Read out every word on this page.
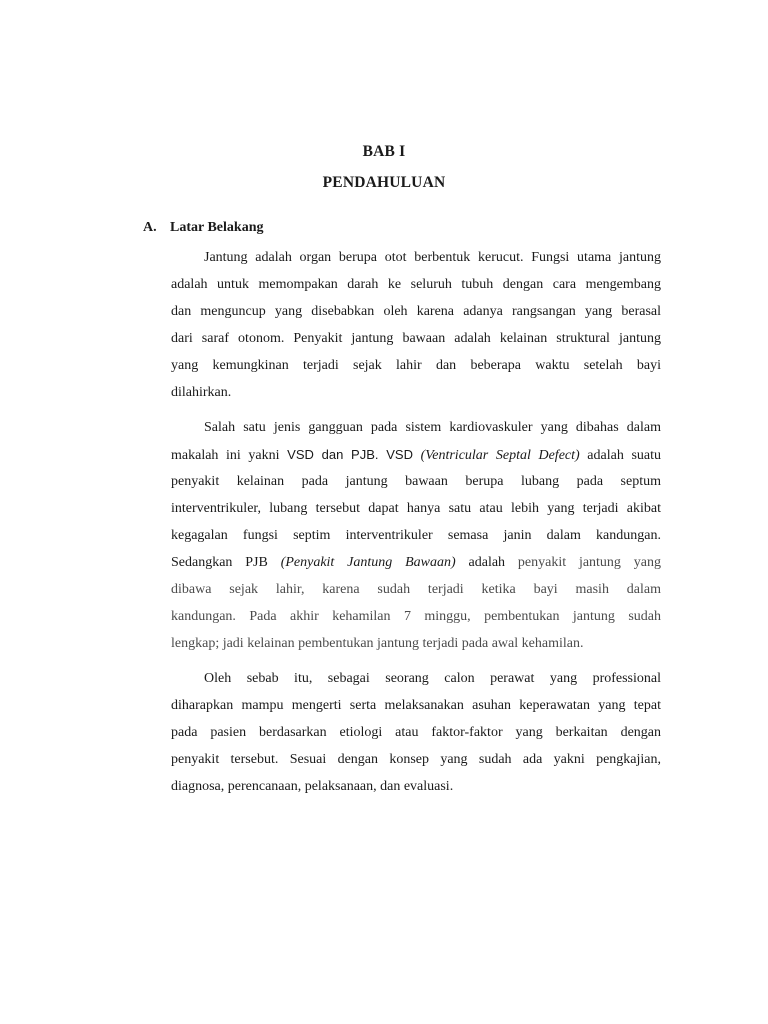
BAB I
PENDAHULUAN
A. Latar Belakang
Jantung adalah organ berupa otot berbentuk kerucut. Fungsi utama jantung
adalah untuk memompakan darah ke seluruh tubuh dengan cara mengembang
dan menguncup yang disebabkan oleh karena adanya rangsangan yang berasal
dari saraf otonom. Penyakit jantung bawaan adalah kelainan struktural jantung
yang kemungkinan terjadi sejak lahir dan beberapa waktu setelah bayi
dilahirkan.
Salah satu jenis gangguan pada sistem kardiovaskuler yang dibahas dalam
makalah ini yakni VSD dan PJB. VSD (Ventricular Septal Defect) adalah suatu
penyakit kelainan pada jantung bawaan berupa lubang pada septum
interventrikuler, lubang tersebut dapat hanya satu atau lebih yang terjadi akibat
kegagalan fungsi septim interventrikuler semasa janin dalam kandungan.
Sedangkan PJB (Penyakit Jantung Bawaan) adalah penyakit jantung yang
dibawa sejak lahir, karena sudah terjadi ketika bayi masih dalam
kandungan. Pada akhir kehamilan 7 minggu, pembentukan jantung sudah
lengkap; jadi kelainan pembentukan jantung terjadi pada awal kehamilan.
Oleh sebab itu, sebagai seorang calon perawat yang professional
diharapkan mampu mengerti serta melaksanakan asuhan keperawatan yang tepat
pada pasien berdasarkan etiologi atau faktor-faktor yang berkaitan dengan
penyakit tersebut. Sesuai dengan konsep yang sudah ada yakni pengkajian,
diagnosa, perencanaan, pelaksanaan, dan evaluasi.
